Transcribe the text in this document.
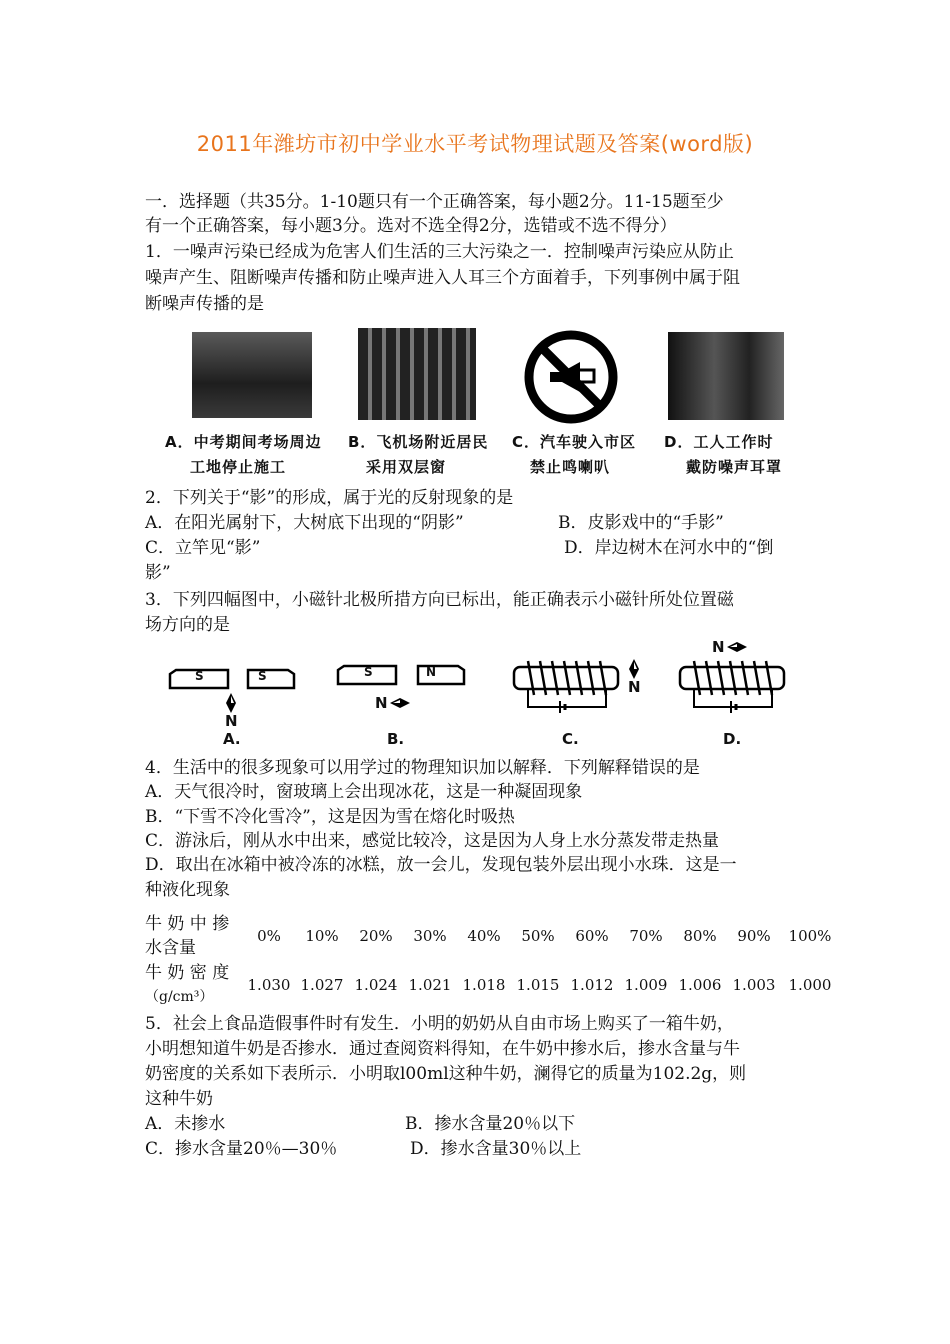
2011年潍坊市初中学业水平考试物理试题及答案(word版)
一．选择题（共35分。1-10题只有一个正确答案，每小题2分。11-15题至少
有一个正确答案，每小题3分。选对不选全得2分，选错或不选不得分）
1．一噪声污染已经成为危害人们生活的三大污染之一．控制噪声污染应从防止
噪声产生、阻断噪声传播和防止噪声进入人耳三个方面着手，下列事例中属于阻
断噪声传播的是
A．中考期间考场周边
工地停止施工
B．飞机场附近居民
采用双层窗
C．汽车驶入市区
禁止鸣喇叭
D．工人工作时
戴防噪声耳罩
2．下列关于“影”的形成，属于光的反射现象的是
A．在阳光属射下，大树底下出现的“阴影”	B．皮影戏中的“手影”
C．立竿见“影”	D．岸边树木在河水中的“倒
影”
3．下列四幅图中，小磁针北极所措方向已标出，能正确表示小磁针所处位置磁
场方向的是
S	S
N
A.
S	N
N
B.
N
C.
N
D.
4．生活中的很多现象可以用学过的物理知识加以解释．下列解释错误的是
A．天气很冷时，窗玻璃上会出现冰花，这是一种凝固现象
B．“下雪不冷化雪冷”，这是因为雪在熔化时吸热
C．游泳后，刚从水中出来，感觉比较冷，这是因为人身上水分蒸发带走热量
D．取出在冰箱中被冷冻的冰糕，放一会儿，发现包装外层出现小水珠．这是一
种液化现象
牛 奶 中 掺
水含量	0%	10%	20%	30%	40%	50%	60%	70%	80%	90%	100%

牛 奶 密 度
（g/cm³）	1.030	1.027	1.024	1.021	1.018	1.015	1.012	1.009	1.006	1.003	1.000
5．社会上食品造假事件时有发生．小明的奶奶从自由市场上购买了一箱牛奶，
小明想知道牛奶是否掺水．通过查阅资料得知，在牛奶中掺水后，掺水含量与牛
奶密度的关系如下表所示．小明取l00ml这种牛奶，澜得它的质量为102.2g，则
这种牛奶
A．未掺水	B．掺水含量20％以下
C．掺水含量20％—30％	D．掺水含量30％以上
